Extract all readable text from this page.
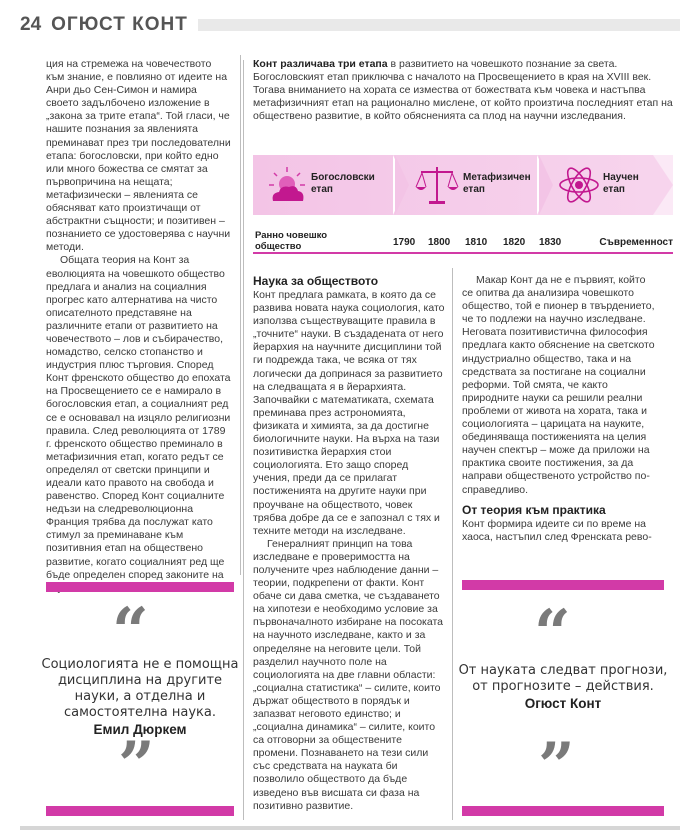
24 ОГЮСТ КОНТ

ция на стремежа на човечеството към знание, е повлияно от идеите на Анри дьо Сен-Симон и намира своето задълбочено изложение в „закона за трите етапа“. Той гласи, че нашите познания за явленията преминават през три последователни етапа: богословски, при който едно или много божества се смятат за първопричина на нещата; метафизически – явленията се обясняват като произтичащи от абстрактни същности; и позитивен – познанието се удостоверява с научни методи.

Общата теория на Конт за еволюцията на човешкото общество предлага и анализ на социалния прогрес като алтернатива на чисто описателното представяне на различните етапи от развитието на човечеството – лов и събирачество, номадство, селско стопанство и индустрия плюс търговия. Според Конт френското общество до епохата на Просвещението се е намирало в богословския етап, а социалният ред се е основавал на изцяло религиозни правила. След революцията от 1789 г. френското общество преминало в метафизичния етап, когато редът се определял от светски принципи и идеали като правото на свобода и равенство. Според Конт социалните недъзи на следреволюционна Франция трябва да послужат като стимул за преминаване към позитивния етап на обществено развитие, когато социалният ред ще бъде определен според законите на

Конт различава три етапа в развитието на човешкото познание за света. Богословският етап приключва с началото на Просвещението в края на XVIII век. Тогава вниманието на хората се измества от божествата към човека и настъпва метафизичният етап на рационално мислене, от който произтича последният етап на обществено развитие, в който обясненията са плод на научни изследвания.
Богословски етап
Метафизичен етап
Научен етап
Ранно човешко общество	1790 1800 1810 1820 1830	Съвременност
Наука за обществото

Конт предлага рамката, в която да се развива новата наука социология, като използва съществуващите правила в „точните“ науки. В създадената от него йерархия на научните дисциплини той ги подрежда така, че всяка от тях логически да допринася за развитието на следващата я в йерархията. Започвайки с математиката, схемата преминава през астрономията, физиката и химията, за да достигне биологичните науки. На върха на тази позитивистка йерархия стои социологията. Ето защо според учения, преди да се прилагат постиженията на другите науки при проучване на обществото, човек трябва добре да се е запознал с тях и техните методи на изследване.

Генералният принцип на това изследване е проверимостта на получените чрез наблюдение данни – теории, подкрепени от факти. Конт обаче си дава сметка, че създаването на хипотези е необходимо условие за първоначалното избиране на посоката на научното изследване, както и за определяне на неговите цели. Той разделил научното поле на социологията на две главни области: „социална статистика“ – силите, които държат обществото в порядък и запазват неговото единство; и „социална динамика“ – силите, които са отговорни за обществените промени. Познаването на тези сили със средствата на науката би позволило обществото да бъде изведено във висшата си фаза на позитивно развитие.

Макар Конт да не е първият, който се опитва да анализира човешкото общество, той е пионер в твърдението, че то подлежи на научно изследване. Неговата позитивистична философия предлага както обяснение на светското индустриално общество, така и на средствата за постигане на социални реформи. Той смята, че както природните науки са решили реални проблеми от живота на хората, така и социологията – царицата на науките, обединяваща постиженията на целия научен спектър – може да приложи на практика своите постижения, за да направи общественото устройство по-справедливо.

От теория към практика

Конт формира идеите си по време на хаоса, настъпил след Френската рево-

“
Социологията не е помощна дисциплина на другите науки, а отделна и самостоятелна наука.
Емил Дюркем
”
“
От науката следват прогнози, от прогнозите – действия.
Огюст Конт
”
